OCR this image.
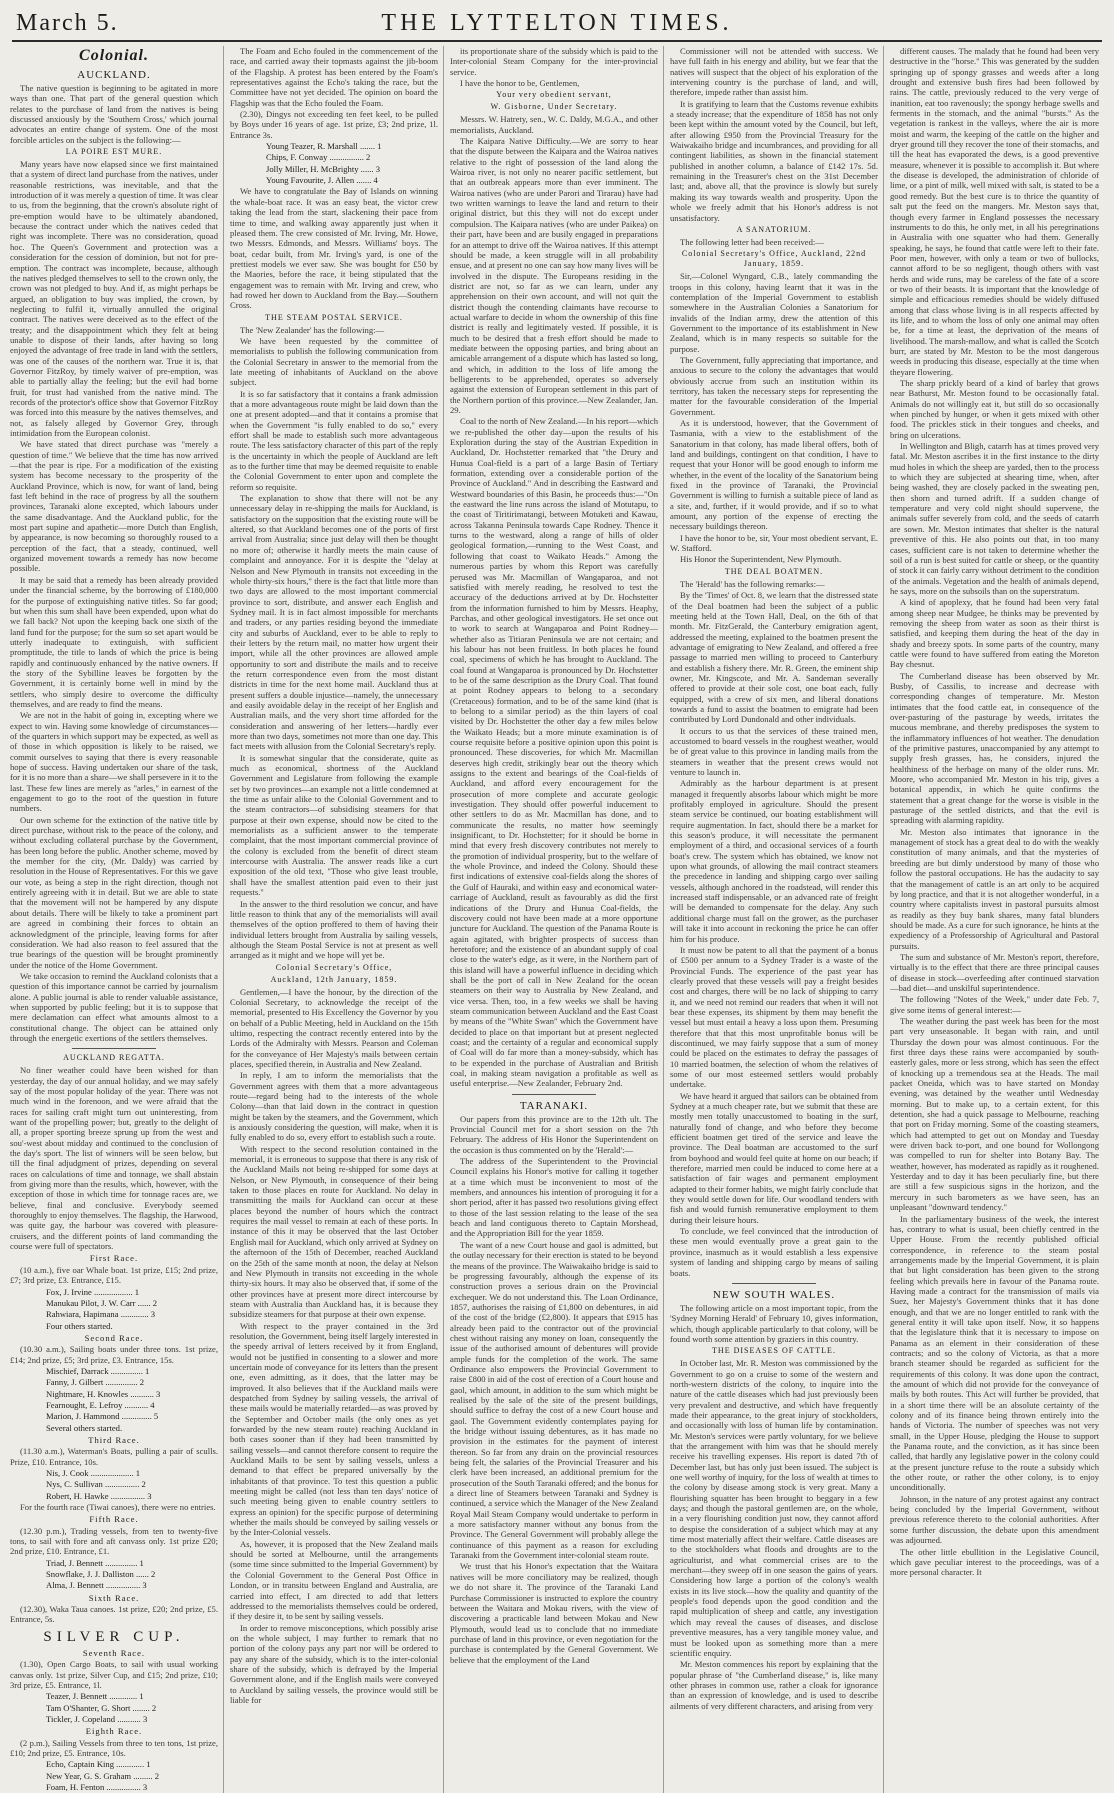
March 5.	THE LYTTELTON TIMES.
Colonial.
AUCKLAND.
The native question is beginning to be agitated in more ways than one. That part of the general question which relates to the purchase of land from the natives is being discussed anxiously by the 'Southern Cross,' which journal advocates an entire change of system. One of the most forcible articles on the subject is the following:—
LA POIRE EST MURE.
Many years have now elapsed since we first maintained that a system of direct land purchase from the natives, under reasonable restrictions, was inevitable, and that the introduction of it was merely a question of time. It was clear to us, from the beginning, that the crown's absolute right of pre-emption would have to be ultimately abandoned, because the contract under which the natives ceded that right was incomplete. There was no consideration, quoad hoc. The Queen's Government and protection was a consideration for the cession of dominion, but not for pre-emption. The contract was incomplete, because, although the natives pledged themselves to sell to the crown only, the crown was not pledged to buy. And if, as might perhaps be argued, an obligation to buy was implied, the crown, by neglecting to fulfil it, virtually annulled the original contract. The natives were deceived as to the effect of the treaty; and the disappointment which they felt at being unable to dispose of their lands, after having so long enjoyed the advantage of free trade in land with the settlers, was one of the causes of the northern war. True it is, that Governor FitzRoy, by timely waiver of pre-emption, was able to partially allay the feeling; but the evil had borne fruit, for trust had vanished from the native mind. The records of the protector's office show that Governor FitzRoy was forced into this measure by the natives themselves, and not, as falsely alleged by Governor Grey, through intimidation from the European colonist.
We have stated that direct purchase was "merely a question of time." We believe that the time has now arrived—that the pear is ripe. For a modification of the existing system has become necessary to the prosperity of the Auckland Province, which is now, for want of land, being fast left behind in the race of progress by all the southern provinces, Taranaki alone excepted, which labours under the same disadvantage. And the Auckland public, for the most part supine and apathetic—more Dutch than English, by appearance, is now becoming so thoroughly roused to a perception of the fact, that a steady, continued, well organized movement towards a remedy has now become possible.
It may be said that a remedy has been already provided under the financial scheme, by the borrowing of £180,000 for the purpose of extinguishing native titles. So far good; but when this sum shall have been expended, upon what do we fall back? Not upon the keeping back one sixth of the land fund for the purpose; for the sum so set apart would be utterly inadequate to extinguish, with sufficient promptitude, the title to lands of which the price is being rapidly and continuously enhanced by the native owners. If the story of the Sybilline leaves be forgotten by the Government, it is certainly borne well in mind by the settlers, who simply desire to overcome the difficulty themselves, and are ready to find the means.
We are not in the habit of going in, excepting where we expect to win. Having some knowledge of circumstances—of the quarters in which support may be expected, as well as of those in which opposition is likely to be raised, we commit ourselves to saying that there is every reasonable hope of success. Having undertaken our share of the task, for it is no more than a share—we shall persevere in it to the last. These few lines are merely as "arles," in earnest of the engagement to go to the root of the question in future numbers.
Our own scheme for the extinction of the native title by direct purchase, without risk to the peace of the colony, and without excluding collateral purchase by the Government, has been long before the public. Another scheme, moved by the member for the city, (Mr. Daldy) was carried by resolution in the House of Representatives. For this we gave our vote, as being a step in the right direction, though not entirely agreeing with it in detail. But we are able to state that the movement will not be hampered by any dispute about details. There will be likely to take a prominent part are agreed in combining their forces to obtain an acknowledgment of the principle, leaving forms for after consideration. We had also reason to feel assured that the true bearings of the question will be brought prominently under the notice of the Home Government.
We take occasion to remind the Auckland colonists that a question of this importance cannot be carried by journalism alone. A public journal is able to render valuable assistance, when supported by public feeling; but it is to suppose that mere declamation can effect what amounts almost to a constitutional change. The object can be attained only through the energetic exertions of the settlers themselves.
AUCKLAND REGATTA.
No finer weather could have been wished for than yesterday, the day of our annual holiday, and we may safely say of the most popular holiday of the year. There was not much wind in the forenoon, and we were afraid that the races for sailing craft might turn out uninteresting, from want of the propelling power; but, greatly to the delight of all, a proper sporting breeze sprung up from the west and sou'-west about midday and continued to the conclusion of the day's sport. The list of winners will be seen below, but till the final adjudgment of prizes, depending on several races on calculations of time and tonnage, we shall abstain from giving more than the results, which, however, with the exception of those in which time for tonnage races are, we believe, final and conclusive. Everybody seemed thoroughly to enjoy themselves. The flagship, the Harwood, was quite gay, the harbour was covered with pleasure-cruisers, and the different points of land commanding the course were full of spectators.
First Race.
(10 a.m.), five oar Whale boat. 1st prize, £15; 2nd prize, £7; 3rd prize, £3. Entrance, £15.
Fox, J. Irvine .................. 1
Manukau Pilot, J. W. Carr ...... 2
Rahwiara, Hapimana ............. 3
Four others started.
Second Race.
(10.30 a.m.), Sailing boats under three tons. 1st prize, £14; 2nd prize, £5; 3rd prize, £3. Entrance, 15s.
Mischief, Darrack ............... 1
Fanny, J. Gilbert ............... 2
Nightmare, H. Knowles ........... 3
Fearnought, E. Lefroy ........... 4
Marion, J. Hammond .............. 5
Several others started.
Third Race.
(11.30 a.m.), Waterman's Boats, pulling a pair of sculls. Prize, £10. Entrance, 10s.
Nis, J. Cook .................... 1
Nys, C. Sullivan ................ 2
Robert, H. Hawke ................ 3
For the fourth race (Tiwai canoes), there were no entries.
Fifth Race.
(12.30 p.m.), Trading vessels, from ten to twenty-five tons, to sail with fore and aft canvass only. 1st prize £20; 2nd prize, £10. Entrance, £1.
Triad, J. Bennett ............... 1
Snowflake, J. J. Dalliston ...... 2
Alma, J. Bennett ................ 3
Sixth Race.
(12.30), Waka Taua canoes. 1st prize, £20; 2nd prize, £5. Entrance, 5s.
SILVER CUP.
Seventh Race.
(1.30), Open Cargo Boats, to sail with usual working canvas only. 1st prize, Silver Cup, and £15; 2nd prize, £10; 3rd prize, £5. Entrance, 1l.
Teazer, J. Bennett ............. 1
Tam O'Shanter, G. Short ........ 2
Tickler, J. Copeland ........... 3
Eighth Race.
(2 p.m.), Sailing Vessels from three to ten tons, 1st prize, £10; 2nd prize, £5. Entrance, 10s.
Echo, Captain King ............. 1
New Year, G. S. Graham ......... 2
Foam, H. Fenton ................ 3
The Foam and Echo fouled in the commencement of the race, and carried away their topmasts against the jib-boom of the Flagship. A protest has been entered by the Foam's representatives against the Echo's taking the race, but the Committee have not yet decided. The opinion on board the Flagship was that the Echo fouled the Foam.
(2.30), Dingys not exceeding ten feet keel, to be pulled by Boys under 16 years of age. 1st prize, £3; 2nd prize, 1l. Entrance 3s.
Young Teazer, R. Marshall ....... 1
Chips, F. Conway ................ 2
Jolly Miller, H. McBrighty ...... 3
Young Favourite, J. Allen ....... 4
We have to congratulate the Bay of Islands on winning the whale-boat race. It was an easy beat, the victor crew taking the lead from the start, slackening their pace from time to time, and walking away apparently just when it pleased them. The crew consisted of Mr. Irving, Mr. Howe, two Messrs. Edmonds, and Messrs. Williams' boys. The boat, cedar built, from Mr. Irving's yard, is one of the prettiest models we ever saw. She was bought for £50 by the Maories, before the race, it being stipulated that the engagement was to remain with Mr. Irving and crew, who had rowed her down to Auckland from the Bay.—Southern Cross.
THE STEAM POSTAL SERVICE.
The 'New Zealander' has the following:—
We have been requested by the committee of memorialists to publish the following communication from the Colonial Secretary in answer to the memorial from the late meeting of inhabitants of Auckland on the above subject.
It is so far satisfactory that it contains a frank admission that a more advantageous route might be laid down than the one at present adopted—and that it contains a promise that when the Government "is fully enabled to do so," every effort shall be made to establish such more advantageous route. The less satisfactory character of this part of the reply is the uncertainty in which the people of Auckland are left as to the further time that may be deemed requisite to enable the Colonial Government to enter upon and complete the reform so requisite.
The explanation to show that there will not be any unnecessary delay in re-shipping the mails for Auckland, is satisfactory on the supposition that the existing route will be altered, so that Auckland becomes one of the ports of first arrival from Australia; since just delay will then be thought no more of; otherwise it hardly meets the main cause of complaint and annoyance. For it is despite the "delay at Nelson and New Plymouth in transits not exceeding in the whole thirty-six hours," there is the fact that little more than two days are allowed to the most important commercial province to sort, distribute, and answer each English and Sydney mail. It is in fact almost impossible for merchants and traders, or any parties residing beyond the immediate city and suburbs of Auckland, ever to be able to reply to their letters by the return mail, no matter how urgent their import, while all the other provinces are allowed ample opportunity to sort and distribute the mails and to receive the return correspondence even from the most distant districts in time for the next home mail. Auckland thus at present suffers a double injustice—namely, the unnecessary and easily avoidable delay in the receipt of her English and Australian mails, and the very short time afforded for the consideration and answering of her letters—hardly ever more than two days, sometimes not more than one day. This fact meets with allusion from the Colonial Secretary's reply.
It is somewhat singular that the considerate, quite as much as economical, shortness of the Auckland Government and Legislature from following the example set by two provinces—an example not a little condemned at the time as unfair alike to the Colonial Government and to the steam contractors—of subsidising steamers for that purpose at their own expense, should now be cited to the memorialists as a sufficient answer to the temperate complaint, that the most important commercial province of the colony is excluded from the benefit of direct steam intercourse with Australia. The answer reads like a curt exposition of the old text, "Those who give least trouble, shall have the smallest attention paid even to their just requests."
In the answer to the third resolution we concur, and have little reason to think that any of the memorialists will avail themselves of the option proffered to them of having their individual letters brought from Australia by sailing vessels, although the Steam Postal Service is not at present as well arranged as it might and we hope will yet be.
Colonial Secretary's Office,
Auckland, 12th January, 1859.
Gentlemen,—I have the honour, by the direction of the Colonial Secretary, to acknowledge the receipt of the memorial, presented to His Excellency the Governor by you on behalf of a Public Meeting, held in Auckland on the 15th ultimo, respecting the contract recently entered into by the Lords of the Admiralty with Messrs. Pearson and Coleman for the conveyance of Her Majesty's mails between certain places, specified therein, in Australia and New Zealand.
In reply, I am to inform the memorialists that the Government agrees with them that a more advantageous route—regard being had to the interests of the whole Colony—than that laid down in the contract in question might be taken by the steamers, and the Government, which is anxiously considering the question, will make, when it is fully enabled to do so, every effort to establish such a route.
With respect to the second resolution contained in the memorial, it is erroneous to suppose that there is any risk of the Auckland Mails not being re-shipped for some days at Nelson, or New Plymouth, in consequence of their being taken to those places en route for Auckland. No delay in transmitting the mails for Auckland can occur at these places beyond the number of hours which the contract requires the mail vessel to remain at each of these ports. In instance of this it may be observed that the last October English mail for Auckland, which only arrived at Sydney on the afternoon of the 15th of December, reached Auckland on the 25th of the same month at noon, the delay at Nelson and New Plymouth in transits not exceeding in the whole thirty-six hours. It may also be observed that, if some of the other provinces have at present more direct intercourse by steam with Australia than Auckland has, it is because they subsidize steamers for that purpose at their own expense.
With respect to the prayer contained in the 3rd resolution, the Government, being itself largely interested in the speedy arrival of letters received by it from England, would not be justified in consenting to a slower and more uncertain mode of conveyance for its letters than the present one, even admitting, as it does, that the latter may be improved. It also believes that if the Auckland mails were despatched from Sydney by sailing vessels, the arrival of these mails would be materially retarded—as was proved by the September and October mails (the only ones as yet forwarded by the new steam route) reaching Auckland in both cases sooner than if they had been transmitted by sailing vessels—and cannot therefore consent to require the Auckland Mails to be sent by sailing vessels, unless a demand to that effect be prepared universally by the inhabitants of that province. To test this question a public meeting might be called (not less than ten days' notice of such meeting being given to enable country settlers to express an opinion) for the specific purpose of determining whether the mails should be conveyed by sailing vessels or by the Inter-Colonial vessels.
As, however, it is proposed that the New Zealand mails should be sorted at Melbourne, until the arrangements (some time since submitted to the Imperial Government) by the Colonial Government to the General Post Office in London, or in transitu between England and Australia, are carried into effect, I am directed to add that letters addressed to the memorialists themselves could be ordered, if they desire it, to be sent by sailing vessels.
In order to remove misconceptions, which possibly arise on the whole subject, I may further to remark that no portion of the colony pays any part nor will be ordered to pay any share of the subsidy, which is to the inter-colonial share of the subsidy, which is defrayed by the Imperial Government alone, and if the English mails were conveyed to Auckland by sailing vessels, the province would still be liable for
its proportionate share of the subsidy which is paid to the Inter-colonial Steam Company for the inter-provincial service.
I have the honor to be, Gentlemen,
Your very obedient servant,
W. Gisborne, Under Secretary.
Messrs. W. Hatrety, sen., W. C. Daldy, M.G.A., and other memorialists, Auckland.
The Kaipara Native Difficulty.—We are sorry to hear that the dispute between the Kaipara and the Wairoa natives relative to the right of possession of the land along the Wairoa river, is not only no nearer pacific settlement, but that an outbreak appears more than ever imminent. The Wairoa natives (who are under Parori and Tirarau) have had two written warnings to leave the land and return to their original district, but this they will not do except under compulsion. The Kaipara natives (who are under Paikea) on their part, have been and are busily engaged in preparations for an attempt to drive off the Wairoa natives. If this attempt should be made, a keen struggle will in all probability ensue, and at present no one can say how many lives will be involved in the dispute. The Europeans residing in the district are not, so far as we can learn, under any apprehension on their own account, and will not quit the district though the contending claimants have recourse to actual warfare to decide in whom the ownership of this fine district is really and legitimately vested. If possible, it is much to be desired that a fresh effort should be made to mediate between the opposing parties, and bring about an amicable arrangement of a dispute which has lasted so long, and which, in addition to the loss of life among the belligerents to be apprehended, operates so adversely against the extension of European settlement in this part of the Northern portion of this province.—New Zealander, Jan. 29.
Coal to the north of New Zealand.—In his report—which we re-published the other day—upon the results of his Exploration during the stay of the Austrian Expedition in Auckland, Dr. Hochstetter remarked that "the Drury and Hunua Coal-field is a part of a large Basin of Tertiary formation, extending over a considerable portion of the Province of Auckland." And in describing the Eastward and Westward boundaries of this Basin, he proceeds thus:—"On the eastward the line runs across the island of Motutapu, to the coast of Tiritirimatangi, between Motuketi and Kawau, across Takanna Peninsula towards Cape Rodney. Thence it turns to the westward, along a range of hills of older geological formation,—running to the West Coast, and following that coast to Waikato Heads." Among the numerous parties by whom this Report was carefully perused was Mr. Macmillan of Wangaparoa, and not satisfied with merely reading, he resolved to test the accuracy of the deductions arrived at by Dr. Hochstetter from the information furnished to him by Messrs. Heaphy, Parchas, and other geological investigators. He set once out to work to search at Wangaparoa and Point Rodney—whether also as Titiaran Peninsula we are not certain; and his labour has not been fruitless. In both places he found coal, specimens of which he has brought to Auckland. The coal found at Wangaparoa is pronounced by Dr. Hochstetter to be of the same description as the Drury Coal. That found at point Rodney appears to belong to a secondary (Cretaceous) formation, and to be of the same kind (that is to belong to a similar period) as the thin layers of coal visited by Dr. Hochstetter the other day a few miles below the Waikato Heads; but a more minute examination is of course requisite before a positive opinion upon this point is pronounced. These discoveries, for which Mr. Macmillan deserves high credit, strikingly bear out the theory which assigns to the extent and bearings of the Coal-fields of Auckland, and afford every encouragement for the prosecution of more complete and accurate geologic investigation. They should offer powerful inducement to other settlers to do as Mr. Macmillan has done, and to communicate the results, no matter how seemingly insignificant, to Dr. Hochstetter; for it should be borne in mind that every fresh discovery contributes not merely to the promotion of individual prosperity, but to the welfare of the whole Province, and indeed the Colony. Should these first indications of extensive coal-fields along the shores of the Gulf of Hauraki, and within easy and economical water-carriage of Auckland, result as favourably as did the first indications of the Drury and Hunua Coal-fields, the discovery could not have been made at a more opportune juncture for Auckland. The question of the Panama Route is again agitated, with brighter prospects of success than heretofore; and the existence of an abundant supply of coal close to the water's edge, as it were, in the Northern part of this island will have a powerful influence in deciding which shall be the port of call in New Zealand for the ocean steamers on their way to Australia by New Zealand, and vice versa. Then, too, in a few weeks we shall be having steam communication between Auckland and the East Coast by means of the "White Swan" which the Government have decided to place on that important but at present neglected coast; and the certainty of a regular and economical supply of Coal will do far more than a money-subsidy, which has to be expended in the purchase of Australian and British coal, in making steam navigation a profitable as well as useful enterprise.—New Zealander, February 2nd.
TARANAKI.
Our papers from this province are to the 12th ult. The Provincial Council met for a short session on the 7th February. The address of His Honor the Superintendent on the occasion is thus commented on by the 'Herald':—
The address of the Superintendent to the Provincial Council explains his Honor's motive for calling it together at a time which must be inconvenient to most of the members, and announces his intention of proroguing it for a short period, after it has passed two resolutions giving effect to those of the last session relating to the lease of the sea beach and land contiguous thereto to Captain Morshead, and the Appropriation Bill for the year 1859.
The want of a new Court house and gaol is admitted, but the outlay necessary for their erection is stated to be beyond the means of the province. The Waiwakaiho bridge is said to be progressing favourably, although the expense of its construction proves a serious drain on the Provincial exchequer. We do not understand this. The Loan Ordinance, 1857, authorises the raising of £1,800 on debentures, in aid of the cost of the bridge (£2,800). It appears that £915 has already been paid to the contractor out of the provincial chest without raising any money on loan, consequently the issue of the authorised amount of debentures will provide ample funds for the completion of the work. The same Ordinance also empowers the Provincial Government to raise £800 in aid of the cost of erection of a Court house and gaol, which amount, in addition to the sum which might be realised by the sale of the site of the present buildings, should suffice to defray the cost of a new Court house and gaol. The Government evidently contemplates paying for the bridge without issuing debentures, as it has made no provision in the estimates for the payment of interest thereon. So far from any drain on the provincial resources being felt, the salaries of the Provincial Treasurer and his clerk have been increased, an additional premium for the prosecution of the South Taranaki offered; and the bonus for a direct line of Steamers between Taranaki and Sydney is continued, a service which the Manager of the New Zealand Royal Mail Steam Company would undertake to perform in a more satisfactory manner without any bonus from the Province. The General Government will probably allege the continuance of this payment as a reason for excluding Taranaki from the Government inter-colonial steam route.
We trust that his Honor's expectation that the Waitara natives will be more conciliatory may be realized, though we do not share it. The province of the Taranaki Land Purchase Commissioner is instructed to explore the country between the Waitara and Mokau rivers, with the view of discovering a practicable land between Mokau and New Plymouth, would lead us to conclude that no immediate purchase of land in this province, or even negotiation for the purchase is contemplated by the General Government. We believe that the employment of the Land
Commissioner will not be attended with success. We have full faith in his energy and ability, but we fear that the natives will suspect that the object of his exploration of the intervening country is the purchase of land, and will, therefore, impede rather than assist him.
It is gratifying to learn that the Customs revenue exhibits a steady increase; that the expenditure of 1858 has not only been kept within the amount voted by the Council, but left, after allowing £950 from the Provincial Treasury for the Waiwakaiho bridge and incumbrances, and providing for all contingent liabilities, as shown in the financial statement published in another column, a balance of £142 17s. 5d. remaining in the Treasurer's chest on the 31st December last; and, above all, that the province is slowly but surely making its way towards wealth and prosperity. Upon the whole we freely admit that his Honor's address is not unsatisfactory.
A SANATORIUM.
The following letter had been received:—
Colonial Secretary's Office, Auckland, 22nd January, 1859.
Sir,—Colonel Wyngard, C.B., lately commanding the troops in this colony, having learnt that it was in the contemplation of the Imperial Government to establish somewhere in the Australian Colonies a Sanatorium for invalids of the Indian army, drew the attention of this Government to the importance of its establishment in New Zealand, which is in many respects so suitable for the purpose.
The Government, fully appreciating that importance, and anxious to secure to the colony the advantages that would obviously accrue from such an institution within its territory, has taken the necessary steps for representing the matter for the favourable consideration of the Imperial Government.
As it is understood, however, that the Government of Tasmania, with a view to the establishment of the Sanatorium in that colony, has made liberal offers, both of land and buildings, contingent on that condition, I have to request that your Honor will be good enough to inform me whether, in the event of the locality of the Sanatorium being fixed in the province of Taranaki, the Provincial Government is willing to furnish a suitable piece of land as a site, and, further, if it would provide, and if so to what amount, any portion of the expense of erecting the necessary buildings thereon.
I have the honor to be, sir, Your most obedient servant, E. W. Stafford.
His Honor the Superintendent, New Plymouth.
THE DEAL BOATMEN.
The 'Herald' has the following remarks:—
By the 'Times' of Oct. 8, we learn that the distressed state of the Deal boatmen had been the subject of a public meeting held at the Town Hall, Deal, on the 6th of that month. Mr. FitzGerald, the Canterbury emigration agent, addressed the meeting, explained to the boatmen present the advantage of emigrating to New Zealand, and offered a free passage to married men willing to proceed to Canterbury and establish a fishery there. Mr. R. Green, the eminent ship owner, Mr. Kingscote, and Mr. A. Sandeman severally offered to provide at their sole cost, one boat each, fully equipped, with a crew of six men, and liberal donations towards a fund to assist the boatmen to emigrate had been contributed by Lord Dundonald and other individuals.
It occurs to us that the services of these trained men, accustomed to board vessels in the roughest weather, would be of great value to this province in landing mails from the steamers in weather that the present crews would not venture to launch in.
Admirably as the harbour department is at present managed it frequently absorbs labour which might be more profitably employed in agriculture. Should the present steam service be continued, our boating establishment will require augmentation. In fact, should there be a market for this season's produce, it will necessitate the permanent employment of a third, and occasional services of a fourth boat's crew. The system which has obtained, we know not upon what grounds, of allowing the mail contract steamers the precedence in landing and shipping cargo over sailing vessels, although anchored in the roadstead, will render this increased staff indispensable, or an advanced rate of freight will be demanded to compensate for the delay. Any such additional charge must fall on the grower, as the purchaser will take it into account in reckoning the price he can offer him for his produce.
It must now be patent to all that the payment of a bonus of £500 per annum to a Sydney Trader is a waste of the Provincial Funds. The experience of the past year has clearly proved that these vessels will pay a freight besides cost and charges, there will be no lack of shipping to carry it, and we need not remind our readers that when it will not bear these expenses, its shipment by them may benefit the vessel but must entail a heavy a loss upon them. Presuming therefore that that this most unprofitable bonus will be discontinued, we may fairly suppose that a sum of money could be placed on the estimates to defray the passages of 10 married boatmen, the selection of whom the relatives of some of our most esteemed settlers would probably undertake.
We have heard it argued that sailors can be obtained from Sydney at a much cheaper rate, but we submit that these are mostly men totally unaccustomed to boating in the surf, naturally fond of change, and who before they become efficient boatmen get tired of the service and leave the province. The Deal boatman are accustomed to the surf from boyhood and would feel quite at home on our beach; if therefore, married men could be induced to come here at a satisfaction of fair wages and permanent employment adapted to their former habits, we might fairly conclude that they would settle down for life. Our woodland tenders with fish and would furnish remunerative employment to them during their leisure hours.
To conclude, we feel convinced that the introduction of these men would eventually prove a great gain to the province, inasmuch as it would establish a less expensive system of landing and shipping cargo by means of sailing boats.
NEW SOUTH WALES.
The following article on a most important topic, from the 'Sydney Morning Herald' of February 10, gives information, which, though applicable particularly to that colony, will be found worth some attention by graziers in this country.
THE DISEASES OF CATTLE.
In October last, Mr. R. Meston was commissioned by the Government to go on a cruise to some of the western and north-western districts of the colony, to inquire into the nature of the cattle diseases which had just previously been very prevalent and destructive, and which have frequently made their appearance, to the great injury of stockholders, and occasionally with loss of human life by contamination. Mr. Meston's services were partly voluntary, for we believe that the arrangement with him was that he should merely receive his travelling expenses. His report is dated 7th of December last, but has only just been issued. The subject is one well worthy of inquiry, for the loss of wealth at times to the colony by disease among stock is very great. Many a flourishing squatter has been brought to beggary in a few days; and though the pastoral gentlemen are, on the whole, in a very flourishing condition just now, they cannot afford to despise the consideration of a subject which may at any time most materially affect their welfare. Cattle diseases are to the stockholders what floods and droughts are to the agriculturist, and what commercial crises are to the merchant—they sweep off in one season the gains of years. Considering how large a portion of the colony's wealth exists in its live stock—how the quality and quantity of the people's food depends upon the good condition and the rapid multiplication of sheep and cattle, any investigation which may reveal the causes of diseases, and disclose preventive measures, has a very tangible money value, and must be looked upon as something more than a mere scientific enquiry.
Mr. Meston commences his report by explaining that the popular phrase of "the Cumberland disease," is, like many other phrases in common use, rather a cloak for ignorance than an expression of knowledge, and is used to describe ailments of very different characters, and arising from very
different causes. The malady that he found had been very destructive in the "horse." This was generated by the sudden springing up of spongy grasses and weeds after a long drought and extensive bush fires had been followed by rains. The cattle, previously reduced to the very verge of inanition, eat too ravenously; the spongy herbage swells and ferments in the stomach, and the animal "bursts." As the vegetation is rankest in the valleys, where the air is more moist and warm, the keeping of the cattle on the higher and dryer ground till they recover the tone of their stomachs, and till the heat has evaporated the dews, is a good preventive measure, whenever it is possible to accomplish it. But where the disease is developed, the administration of chloride of lime, or a pint of milk, well mixed with salt, is stated to be a good remedy. But the best cure is to thrice the quantity of salt put the feed on the mangers. Mr. Meston says that, though every farmer in England possesses the necessary instruments to do this, he only met, in all his peregrinations in Australia with one squatter who had them. Generally speaking, he says, he found that cattle were left to their fate. Poor men, however, with only a team or two of bullocks, cannot afford to be so negligent, though others with vast herds and wide runs, may be careless of the fate of a score or two of their beasts. It is important that the knowledge of simple and efficacious remedies should be widely diffused among that class whose living is in all respects affected by its life, and to whom the loss of only one animal may often be, for a time at least, the deprivation of the means of livelihood. The marsh-mallow, and what is called the Scotch burr, are stated by Mr. Meston to be the most dangerous weeds in producing this disease, especially at the time when theyare flowering.
The sharp prickly beard of a kind of barley that grows near Bathurst, Mr. Meston found to be occasionally fatal. Animals do not willingly eat it, but still do so occasionally when pinched by hunger, or when it gets mixed with other food. The prickles stick in their tongues and cheeks, and bring on ulcerations.
In Wellington and Bligh, catarrh has at times proved very fatal. Mr. Meston ascribes it in the first instance to the dirty mud holes in which the sheep are yarded, then to the process to which they are subjected at shearing time, when, after being washed, they are closely packed in the sweating pen, then shorn and turned adrift. If a sudden change of temperature and very cold night should supervene, the animals suffer severely from cold, and the seeds of catarrh are sown. Mr. Meston intimates that shelter is the natural preventive of this. He also points out that, in too many cases, sufficient care is not taken to determine whether the soil of a run is best suited for cattle or sheep, or the quantity of stock it can fairly carry without detriment to the condition of the animals. Vegetation and the health of animals depend, he says, more on the subsoils than on the superstratum.
A kind of apoplexy, that he found had been very fatal among sheep near Mudgee, he thinks may be prevented by removing the sheep from water as soon as their thirst is satisfied, and keeping them during the heat of the day in shady and breezy spots. In some parts of the country, many cattle were found to have suffered from eating the Moreton Bay chesnut.
The Cumberland disease has been observed by Mr. Busby, of Cassilis, to increase and decrease with corresponding changes of temperature. Mr. Meston intimates that the food cattle eat, in consequence of the over-pasturing of the pasturage by weeds, irritates the mucous membrane, and thereby predisposes the system to the inflammatory influences of hot weather. The denudation of the primitive pastures, unaccompanied by any attempt to supply fresh grasses, has, he considers, injured the healthiness of the herbage on many of the older runs. Mr. Moore, who accompanied Mr. Meston in his trip, gives a botanical appendix, in which he quite confirms the statement that a great change for the worse is visible in the pasturage of the settled districts, and that the evil is spreading with alarming rapidity.
Mr. Meston also intimates that ignorance in the management of stock has a great deal to do with the weakly constitution of many animals, and that the mysteries of breeding are but dimly understood by many of those who follow the pastoral occupations. He has the audacity to say that the management of cattle is an art only to be acquired by long practice, and that it is not altogether wonderful, in a country where capitalists invest in pastoral pursuits almost as readily as they buy bank shares, many fatal blunders should be made. As a cure for such ignorance, he hints at the expediency of a Professorship of Agricultural and Pastoral pursuits.
The sum and substance of Mr. Meston's report, therefore, virtually is to the effect that there are three principal causes of disease in stock—overfeeding after continued starvation—bad diet—and unskilful superintendence.
The following "Notes of the Week," under date Feb. 7, give some items of general interest:—
The weather during the past week has been for the most part very unseasonable. It began with rain, and until Thursday the down pour was almost continuous. For the first three days these rains were accompanied by south-easterly gales, more or less strong, which has seen the effect of knocking up a tremendous sea at the Heads. The mail packet Oneida, which was to have started on Monday evening, was detained by the weather until Wednesday morning. But to make up, to a certain extent, for this detention, she had a quick passage to Melbourne, reaching that port on Friday morning. Some of the coasting steamers, which had attempted to get out on Monday and Tuesday were driven back to-port, and one bound for Wollongong was compelled to run for shelter into Botany Bay. The weather, however, has moderated as rapidly as it roughened. Yesterday and to day it has been peculiarly fine, but there are still a few suspicious signs in the horizon, and the mercury in such barometers as we have seen, has an unpleasant "downward tendency."
In the parliamentary business of the week, the interest has, contrary to what is usual, been chiefly centred in the Upper House. From the recently published official correspondence, in reference to the steam postal arrangements made by the Imperial Government, it is plain that but light consideration has been given to the strong feeling which prevails here in favour of the Panama route. Having made a contract for the transmission of mails via Suez, her Majesty's Government thinks that it has done enough, and that we are no longer entitled to rank with the general entity it will take upon itself. Now, it so happens that the legislature think that it is necessary to impose on Panama as an element in their consideration of these contracts; and so the colony of Victoria, as that a more branch steamer should be regarded as sufficient for the requirements of this colony. It was done upon the contract, the amount of which did not provide for the conveyance of mails by both routes. This Act will further be provided, that in a short time there will be an absolute certainty of the colony and of its finance being thrown entirely into the hands of Victoria. The number of speeches was not very small, in the Upper House, pledging the House to support the Panama route, and the conviction, as it has since been called, that hardly any legislative power in the colony could at the present juncture refuse to the route a subsidy which the other route, or rather the other colony, is to enjoy unconditionally.
Johnson, in the nature of any protest against any contract being concluded by the Imperial Government, without previous reference thereto to the colonial authorities. After some further discussion, the debate upon this amendment was adjourned.
The other little ebullition in the Legislative Council, which gave peculiar interest to the proceedings, was of a more personal character. It
